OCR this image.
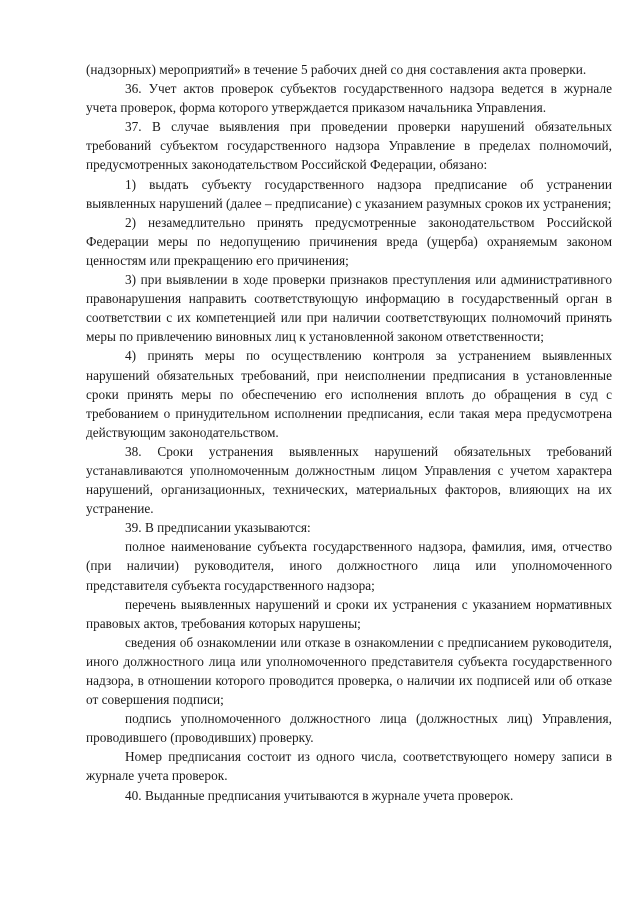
(надзорных) мероприятий» в течение 5 рабочих дней со дня составления акта проверки.

36. Учет актов проверок субъектов государственного надзора ведется в журнале учета проверок, форма которого утверждается приказом начальника Управления.

37. В случае выявления при проведении проверки нарушений обязательных требований субъектом государственного надзора Управление в пределах полномочий, предусмотренных законодательством Российской Федерации, обязано:

1) выдать субъекту государственного надзора предписание об устранении выявленных нарушений (далее – предписание) с указанием разумных сроков их устранения;

2) незамедлительно принять предусмотренные законодательством Российской Федерации меры по недопущению причинения вреда (ущерба) охраняемым законом ценностям или прекращению его причинения;

3) при выявлении в ходе проверки признаков преступления или административного правонарушения направить соответствующую информацию в государственный орган в соответствии с их компетенцией или при наличии соответствующих полномочий принять меры по привлечению виновных лиц к установленной законом ответственности;

4) принять меры по осуществлению контроля за устранением выявленных нарушений обязательных требований, при неисполнении предписания в установленные сроки принять меры по обеспечению его исполнения вплоть до обращения в суд с требованием о принудительном исполнении предписания, если такая мера предусмотрена действующим законодательством.

38. Сроки устранения выявленных нарушений обязательных требований устанавливаются уполномоченным должностным лицом Управления с учетом характера нарушений, организационных, технических, материальных факторов, влияющих на их устранение.

39. В предписании указываются:

полное наименование субъекта государственного надзора, фамилия, имя, отчество (при наличии) руководителя, иного должностного лица или уполномоченного представителя субъекта государственного надзора;

перечень выявленных нарушений и сроки их устранения с указанием нормативных правовых актов, требования которых нарушены;

сведения об ознакомлении или отказе в ознакомлении с предписанием руководителя, иного должностного лица или уполномоченного представителя субъекта государственного надзора, в отношении которого проводится проверка, о наличии их подписей или об отказе от совершения подписи;

подпись уполномоченного должностного лица (должностных лиц) Управления, проводившего (проводивших) проверку.

Номер предписания состоит из одного числа, соответствующего номеру записи в журнале учета проверок.

40. Выданные предписания учитываются в журнале учета проверок.
